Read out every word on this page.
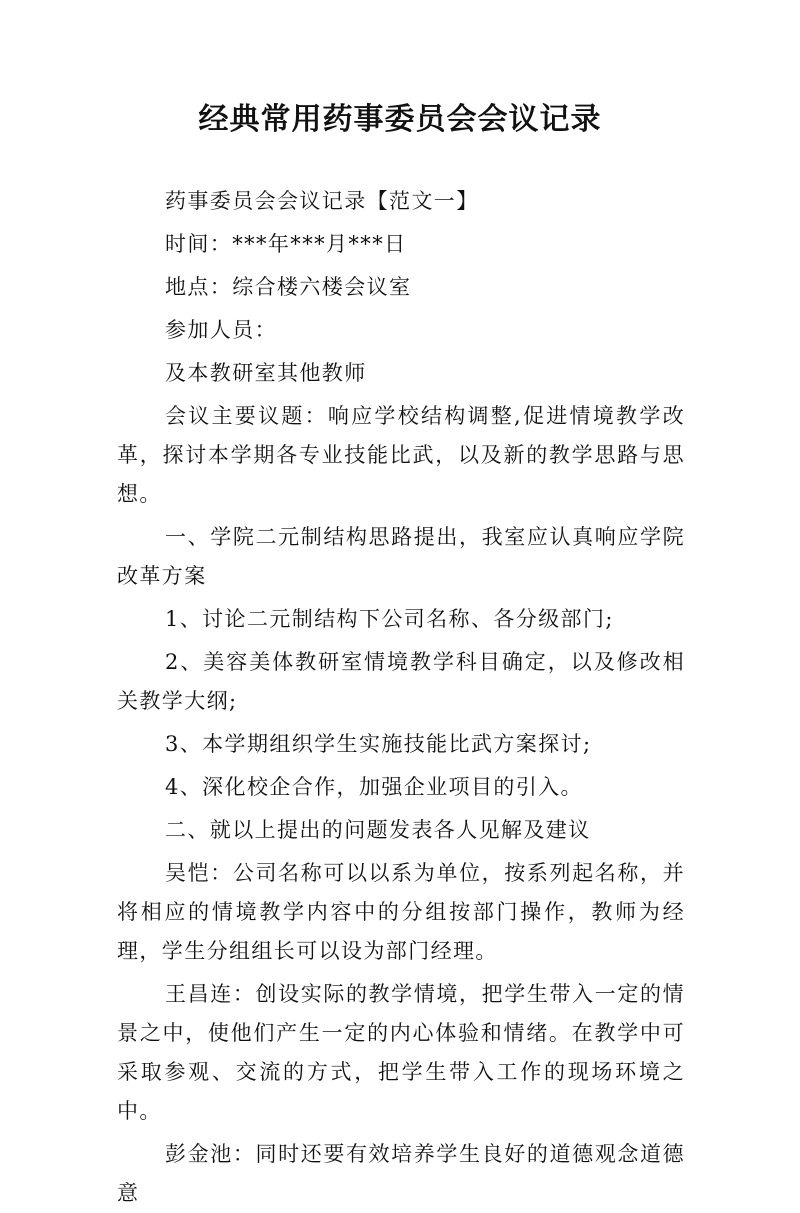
经典常用药事委员会会议记录

药事委员会会议记录【范文一】

时间：***年***月***日

地点：综合楼六楼会议室

参加人员：

及本教研室其他教师

会议主要议题：响应学校结构调整,促进情境教学改革，探讨本学期各专业技能比武，以及新的教学思路与思想。

一、学院二元制结构思路提出，我室应认真响应学院改革方案

1、讨论二元制结构下公司名称、各分级部门;

2、美容美体教研室情境教学科目确定，以及修改相关教学大纲;

3、本学期组织学生实施技能比武方案探讨;

4、深化校企合作，加强企业项目的引入。

二、就以上提出的问题发表各人见解及建议

吴恺：公司名称可以以系为单位，按系列起名称，并将相应的情境教学内容中的分组按部门操作，教师为经理，学生分组组长可以设为部门经理。

王昌连：创设实际的教学情境，把学生带入一定的情景之中，使他们产生一定的内心体验和情绪。在教学中可采取参观、交流的方式，把学生带入工作的现场环境之中。

彭金池：同时还要有效培养学生良好的道德观念道德意
